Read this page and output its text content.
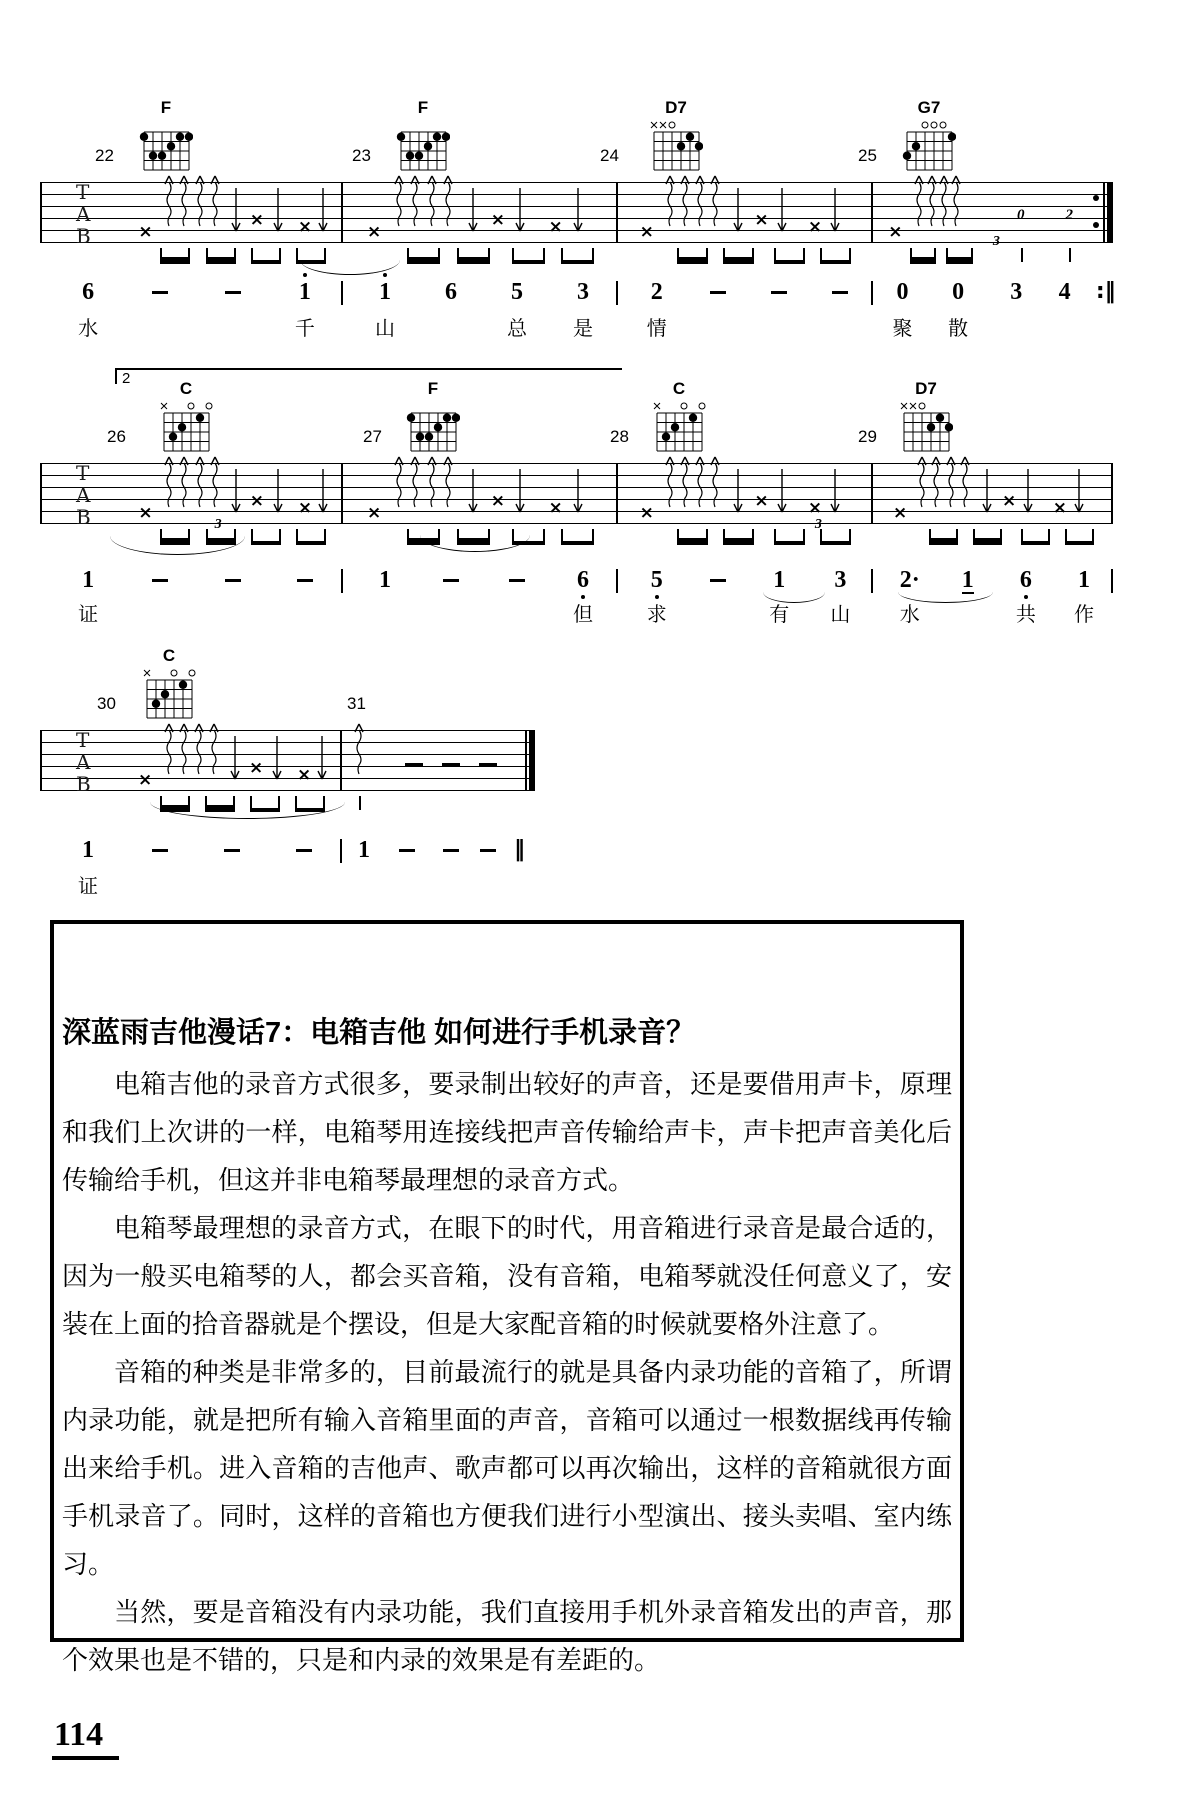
T
A
B
22
F
×
× ×
6	1
水	千
23
F
×
×	×
1 6 5 3
山	总 是
24
D7
×
× ×
2
情
25
G7
×	3
0	2
0 0 3 4 :‖
聚 散
T
A
B
2
26
C
×
× ×
3
1
证
27
F
×
×	×
1	6
但
28
C
×
× ×
3
5	1 3
求	有 山
29
D7
×
× ×
2· 1 6 1
水	共 作
T
A
B
30
C
×
× ×
1
证
31
1	‖
深蓝雨吉他漫话7：电箱吉他 如何进行手机录音？

电箱吉他的录音方式很多，要录制出较好的声音，还是要借用声卡，原理和我们上次讲的一样，电箱琴用连接线把声音传输给声卡，声卡把声音美化后传输给手机，但这并非电箱琴最理想的录音方式。

电箱琴最理想的录音方式，在眼下的时代，用音箱进行录音是最合适的，因为一般买电箱琴的人，都会买音箱，没有音箱，电箱琴就没任何意义了，安装在上面的拾音器就是个摆设，但是大家配音箱的时候就要格外注意了。

音箱的种类是非常多的，目前最流行的就是具备内录功能的音箱了，所谓内录功能，就是把所有输入音箱里面的声音，音箱可以通过一根数据线再传输出来给手机。进入音箱的吉他声、歌声都可以再次输出，这样的音箱就很方面手机录音了。同时，这样的音箱也方便我们进行小型演出、接头卖唱、室内练习。

当然，要是音箱没有内录功能，我们直接用手机外录音箱发出的声音，那个效果也是不错的，只是和内录的效果是有差距的。

114
